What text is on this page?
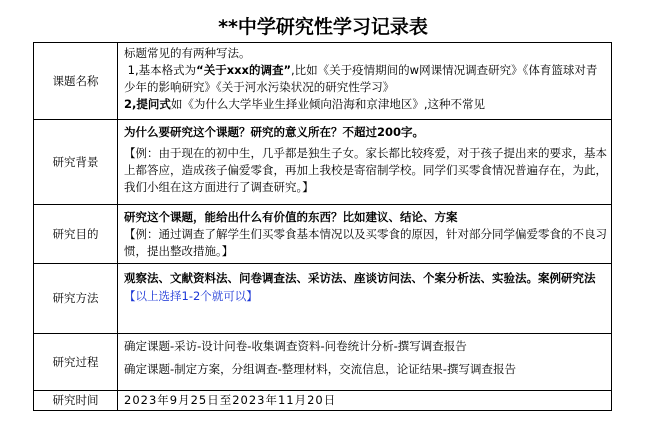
**中学研究性学习记录表
课题名称	标题常见的有两种写法。
1,基本格式为“关于xxx的调查”,比如《关于疫情期间的w网课情况调查研究》《体育篮球对青少年的影响研究》《关于河水污染状况的研究性学习》
2,提问式如《为什么大学毕业生择业倾向沿海和京津地区》,这种不常见

研究背景	为什么要研究这个课题？研究的意义所在？不超过200字。
【例：由于现在的初中生，几乎都是独生子女。家长都比较疼爱，对于孩子提出来的要求，基本上都答应，造成孩子偏爱零食，再加上我校是寄宿制学校。同学们买零食情况普遍存在，为此，我们小组在这方面进行了调查研究。】

研究目的	研究这个课题，能给出什么有价值的东西？比如建议、结论、方案
【例：通过调查了解学生们买零食基本情况以及买零食的原因，针对部分同学偏爱零食的不良习惯，提出整改措施。】

研究方法	观察法、文献资料法、问卷调查法、采访法、座谈访问法、个案分析法、实验法。案例研究法
【以上选择1-2个就可以】

研究过程	确定课题-采访-设计问卷-收集调查资料-问卷统计分析-撰写调查报告
确定课题-制定方案，分组调查-整理材料，交流信息，论证结果-撰写调查报告

研究时间	2023年9月25日至2023年11月20日
